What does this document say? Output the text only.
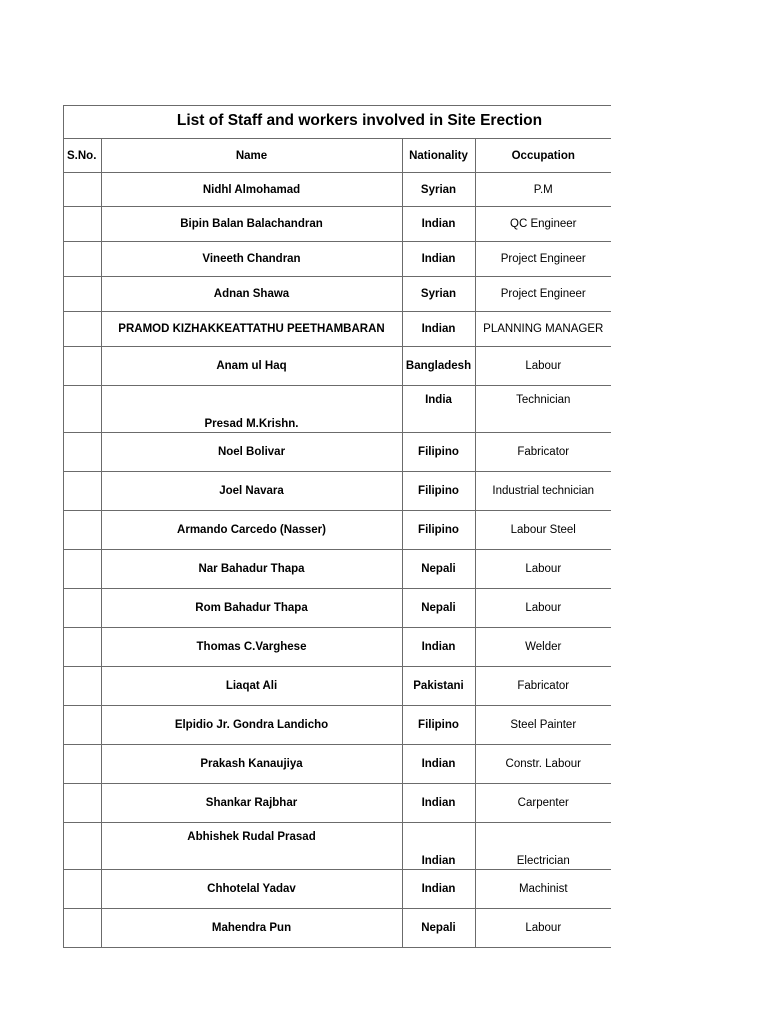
List of Staff and workers involved in Site Erection
S.No.	Name	Nationality	Occupation
	Nidhl Almohamad	Syrian	P.M
	Bipin Balan Balachandran	Indian	QC Engineer
	Vineeth Chandran	Indian	Project Engineer
	Adnan Shawa	Syrian	Project Engineer
	PRAMOD KIZHAKKEATTATHU PEETHAMBARAN	Indian	PLANNING MANAGER
	Anam ul Haq	Bangladesh	Labour
	Presad M.Krishn.	India	Technician
	Noel Bolivar	Filipino	Fabricator
	Joel Navara	Filipino	Industrial technician
	Armando Carcedo (Nasser)	Filipino	Labour Steel
	Nar Bahadur Thapa	Nepali	Labour
	Rom Bahadur Thapa	Nepali	Labour
	Thomas C.Varghese	Indian	Welder
	Liaqat Ali	Pakistani	Fabricator
	Elpidio Jr. Gondra Landicho	Filipino	Steel Painter
	Prakash Kanaujiya	Indian	Constr. Labour
	Shankar Rajbhar	Indian	Carpenter
	Abhishek Rudal Prasad	Indian	Electrician
	Chhotelal Yadav	Indian	Machinist
	Mahendra Pun	Nepali	Labour
